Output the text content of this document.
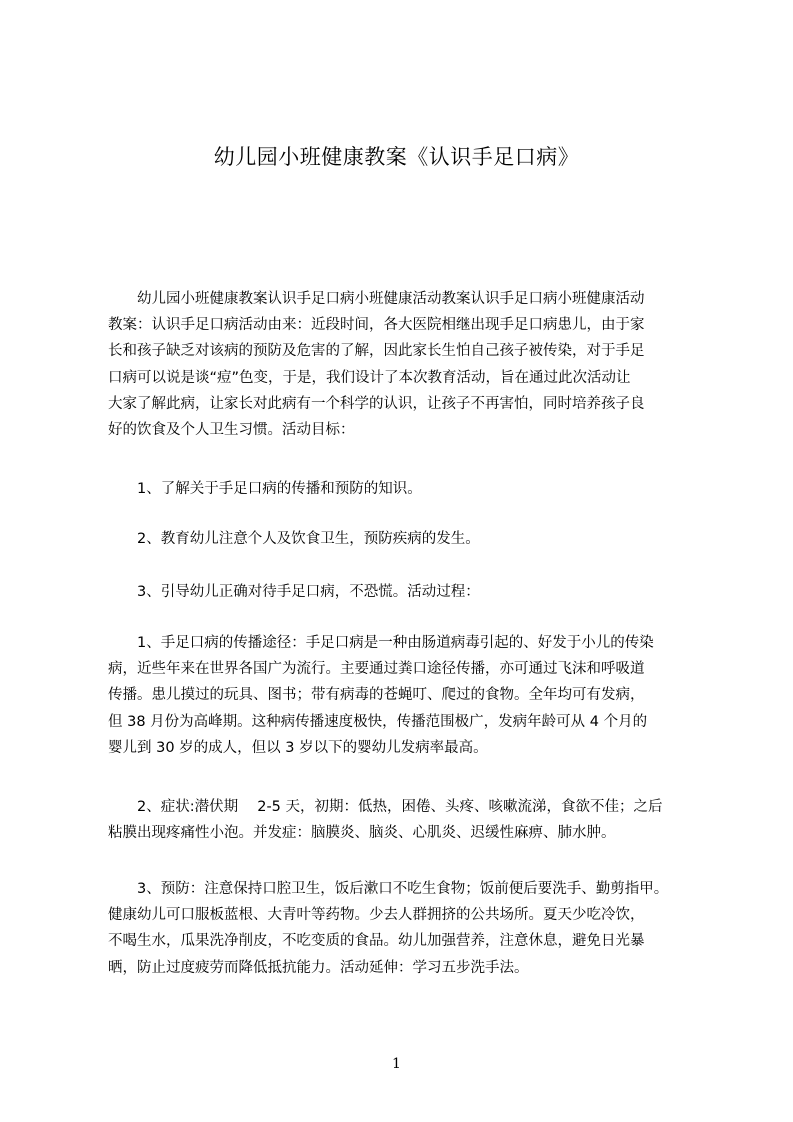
幼儿园小班健康教案《认识手足口病》
　　幼儿园小班健康教案认识手足口病小班健康活动教案认识手足口病小班健康活动
教案：认识手足口病活动由来：近段时间，各大医院相继出现手足口病患儿，由于家
长和孩子缺乏对该病的预防及危害的了解，因此家长生怕自己孩子被传染，对于手足
口病可以说是谈“痘”色变，于是，我们设计了本次教育活动，旨在通过此次活动让
大家了解此病，让家长对此病有一个科学的认识，让孩子不再害怕，同时培养孩子良
好的饮食及个人卫生习惯。活动目标：
　　1、了解关于手足口病的传播和预防的知识。
　　2、教育幼儿注意个人及饮食卫生，预防疾病的发生。
　　3、引导幼儿正确对待手足口病，不恐慌。活动过程：
　　1、手足口病的传播途径：手足口病是一种由肠道病毒引起的、好发于小儿的传染
病，近些年来在世界各国广为流行。主要通过粪口途径传播，亦可通过飞沫和呼吸道
传播。患儿摸过的玩具、图书；带有病毒的苍蝇叮、爬过的食物。全年均可有发病，
但 38 月份为高峰期。这种病传播速度极快，传播范围极广，发病年龄可从 4 个月的
婴儿到 30 岁的成人，但以 3 岁以下的婴幼儿发病率最高。
　　2、症状:潜伏期　 2-5 天，初期：低热，困倦、头疼、咳嗽流涕，食欲不佳；之后
粘膜出现疼痛性小泡。并发症：脑膜炎、脑炎、心肌炎、迟缓性麻痹、肺水肿。
　　3、预防：注意保持口腔卫生，饭后漱口不吃生食物；饭前便后要洗手、勤剪指甲。
健康幼儿可口服板蓝根、大青叶等药物。少去人群拥挤的公共场所。夏天少吃冷饮，
不喝生水，瓜果洗净削皮，不吃变质的食品。幼儿加强营养，注意休息，避免日光暴
晒，防止过度疲劳而降低抵抗能力。活动延伸：学习五步洗手法。
1
